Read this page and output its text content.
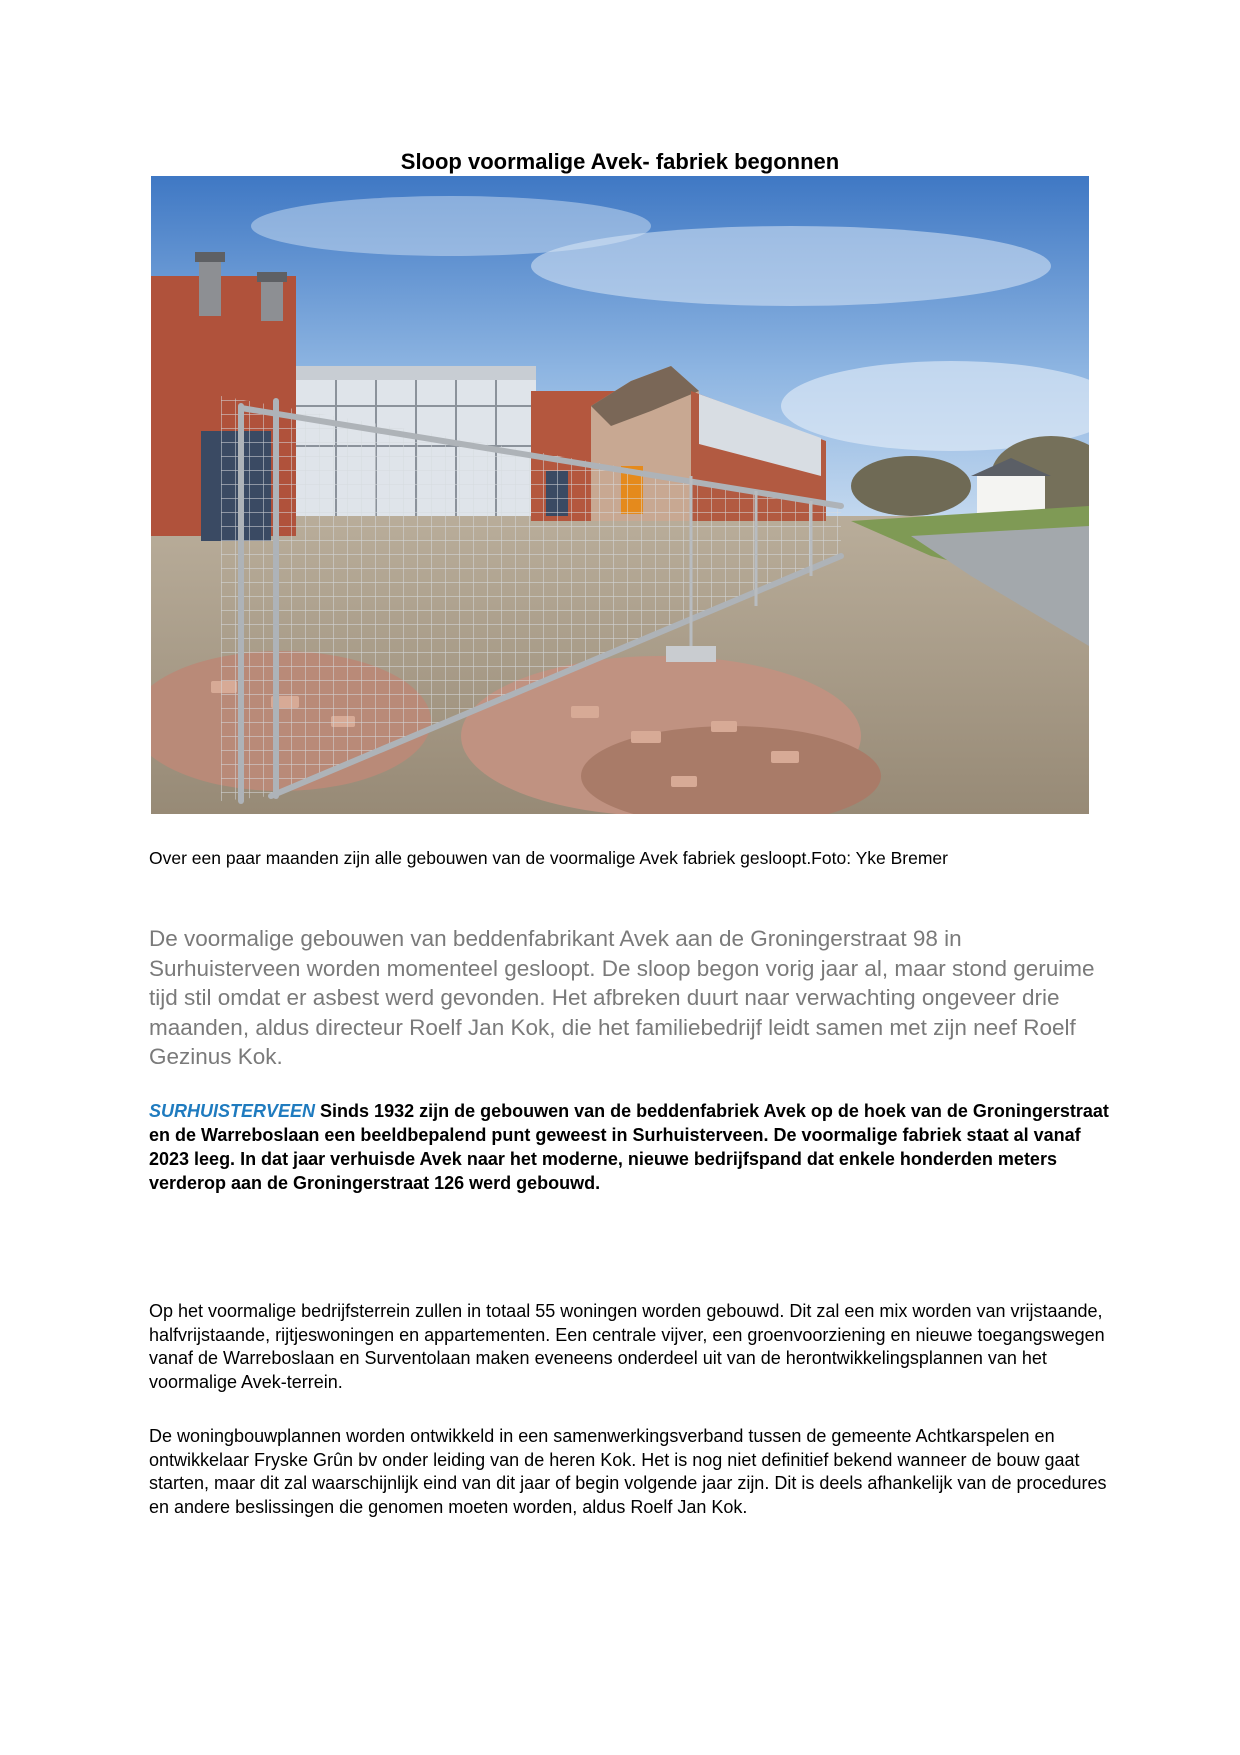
Sloop voormalige Avek- fabriek begonnen

Over een paar maanden zijn alle gebouwen van de voormalige Avek fabriek gesloopt.Foto: Yke Bremer

De voormalige gebouwen van beddenfabrikant Avek aan de Groningerstraat 98 in Surhuisterveen worden momenteel gesloopt. De sloop begon vorig jaar al, maar stond geruime tijd stil omdat er asbest werd gevonden. Het afbreken duurt naar verwachting ongeveer drie maanden, aldus directeur Roelf Jan Kok, die het familiebedrijf leidt samen met zijn neef Roelf Gezinus Kok.

SURHUISTERVEEN Sinds 1932 zijn de gebouwen van de beddenfabriek Avek op de hoek van de Groningerstraat en de Warreboslaan een beeldbepalend punt geweest in Surhuisterveen. De voormalige fabriek staat al vanaf 2023 leeg. In dat jaar verhuisde Avek naar het moderne, nieuwe bedrijfspand dat enkele honderden meters verderop aan de Groningerstraat 126 werd gebouwd.

Op het voormalige bedrijfsterrein zullen in totaal 55 woningen worden gebouwd. Dit zal een mix worden van vrijstaande, halfvrijstaande, rijtjeswoningen en appartementen. Een centrale vijver, een groenvoorziening en nieuwe toegangswegen vanaf de Warreboslaan en Surventolaan maken eveneens onderdeel uit van de herontwikkelingsplannen van het voormalige Avek-terrein.

De woningbouwplannen worden ontwikkeld in een samenwerkingsverband tussen de gemeente Achtkarspelen en ontwikkelaar Fryske Grûn bv onder leiding van de heren Kok. Het is nog niet definitief bekend wanneer de bouw gaat starten, maar dit zal waarschijnlijk eind van dit jaar of begin volgende jaar zijn. Dit is deels afhankelijk van de procedures en andere beslissingen die genomen moeten worden, aldus Roelf Jan Kok.
